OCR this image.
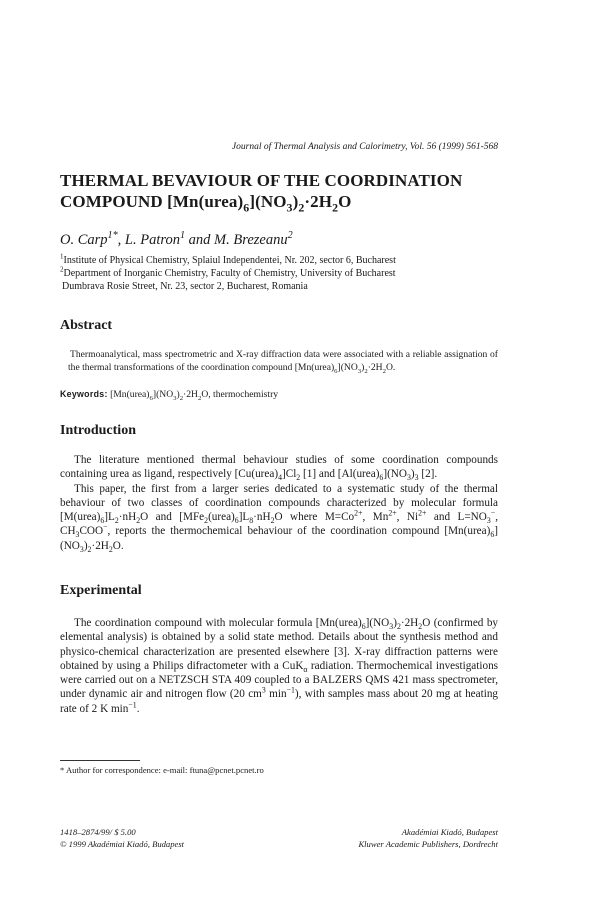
Journal of Thermal Analysis and Calorimetry, Vol. 56 (1999) 561-568
THERMAL BEVAVIOUR OF THE COORDINATION
COMPOUND $[Mn(urea)_6](NO_3)_2\cdot 2H_2O$
O. Carp$^{1*}$, L. Patron$^1$ and M. Brezeanu$^2$
$^1$Institute of Physical Chemistry, Splaiul Independentei, Nr. 202, sector 6, Bucharest
$^2$Department of Inorganic Chemistry, Faculty of Chemistry, University of Bucharest
Dumbrava Rosie Street, Nr. 23, sector 2, Bucharest, Romania
Abstract
Thermoanalytical, mass spectrometric and X-ray diffraction data were associated with a reliable assignation of the thermal transformations of the coordination compound $[Mn(urea)_6](NO_3)_2\cdot 2H_2O$.
Keywords: $[Mn(urea)_6](NO_3)_2\cdot 2H_2O$, thermochemistry
Introduction

The literature mentioned thermal behaviour studies of some coordination compounds containing urea as ligand, respectively $[Cu(urea)_4]Cl_2$ [1] and $[Al(urea)_6](NO_3)_3$ [2].

This paper, the first from a larger series dedicated to a systematic study of the thermal behaviour of two classes of coordination compounds characterized by molecular formula $[M(urea)_6]L_2\cdot nH_2O$ and $[MFe_2(urea)_6]L_8\cdot nH_2O$ where $M=Co^{2+}$, $Mn^{2+}$, $Ni^{2+}$ and $L=NO_3^-$, $CH_3COO^-$, reports the thermochemical behaviour of the coordination compound $[Mn(urea)_6](NO_3)_2\cdot 2H_2O$.

Experimental

The coordination compound with molecular formula $[Mn(urea)_6](NO_3)_2\cdot 2H_2O$ (confirmed by elemental analysis) is obtained by a solid state method. Details about the synthesis method and physico-chemical characterization are presented elsewhere [3]. X-ray diffraction patterns were obtained by using a Philips difractometer with a CuK$_\alpha$ radiation. Thermochemical investigations were carried out on a NETZSCH STA 409 coupled to a BALZERS QMS 421 mass spectrometer, under dynamic air and nitrogen flow (20 $cm^3$ $\min^{-1}$), with samples mass about 20 mg at heating rate of 2 K $\min^{-1}$.

* Author for correspondence: e-mail: ftuna@pcnet.pcnet.ro
1418–2874/99/ $ 5.00
© 1999 Akadémiai Kiadó, Budapest
Akadémiai Kiadó, Budapest
Kluwer Academic Publishers, Dordrecht
